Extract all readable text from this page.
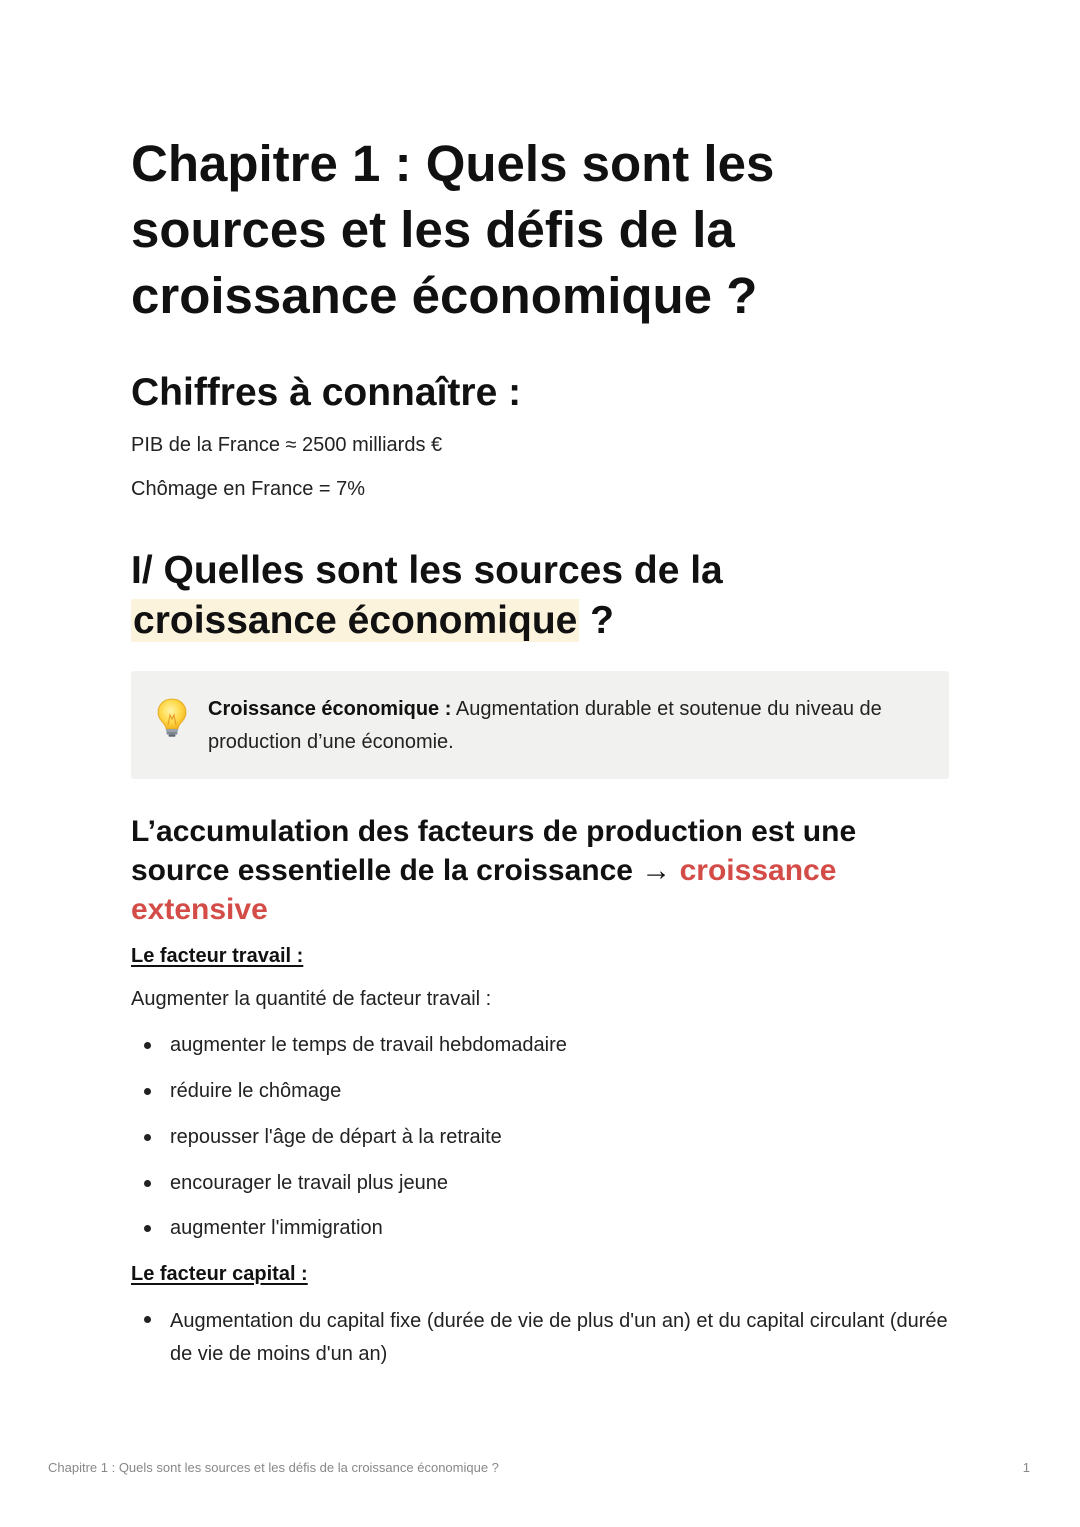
Chapitre 1 : Quels sont les sources et les défis de la croissance économique ?
Chiffres à connaître :

PIB de la France ≈ 2500 milliards €

Chômage en France = 7%

I/ Quelles sont les sources de la
croissance économique ?
Croissance économique : Augmentation durable et soutenue du niveau de production d’une économie.
L’accumulation des facteurs de production est une source essentielle de la croissance → croissance extensive

Le facteur travail :

Augmenter la quantité de facteur travail :

augmenter le temps de travail hebdomadaire
réduire le chômage
repousser l'âge de départ à la retraite
encourager le travail plus jeune
augmenter l'immigration

Le facteur capital :

Augmentation du capital fixe (durée de vie de plus d'un an) et du capital circulant (durée de vie de moins d'un an)
Chapitre 1 : Quels sont les sources et les défis de la croissance économique ?	1
